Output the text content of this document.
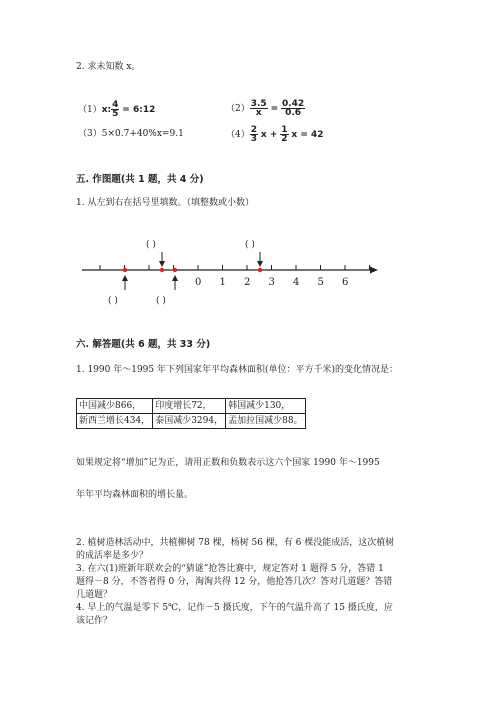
2. 求未知数 x。
（1）x: $\frac{4}{5}$ = 6:12	$(2) \frac{3.5}{x} = \frac{0.42}{0.6}$
（3）5×0.7+40%x=9.1	$(4) \frac{2}{3}$ $x + \frac{1}{2}$ x = 42
五. 作图题(共 1 题，共 4 分)
1. 从左到右在括号里填数。（填整数或小数）
( )	( )
( )	( )
0 1 2 3 4 5 6
六. 解答题(共 6 题，共 33 分)
1. 1990 年～1995 年下列国家年平均森林面积(单位：平方千米)的变化情况是：
中国减少866，	印度增长72，	韩国减少130，
新西兰增长434，	泰国减少3294，	孟加拉国减少88。
如果规定将“增加”记为正，请用正数和负数表示这六个国家 1990 年～1995
年年平均森林面积的增长量。
2. 植树造林活动中，共植柳树 78 棵，杨树 56 棵，有 6 棵没能成活，这次植树
的成活率是多少？
3. 在六(1)班新年联欢会的“猜谜”抢答比赛中，规定答对 1 题得 5 分，答错 1
题得－8 分，不答者得 0 分，淘淘共得 12 分，他抢答几次？答对几道题？答错
几道题？
4. 早上的气温是零下 5℃，记作－5 摄氏度，下午的气温升高了 15 摄氏度，应
该记作？
